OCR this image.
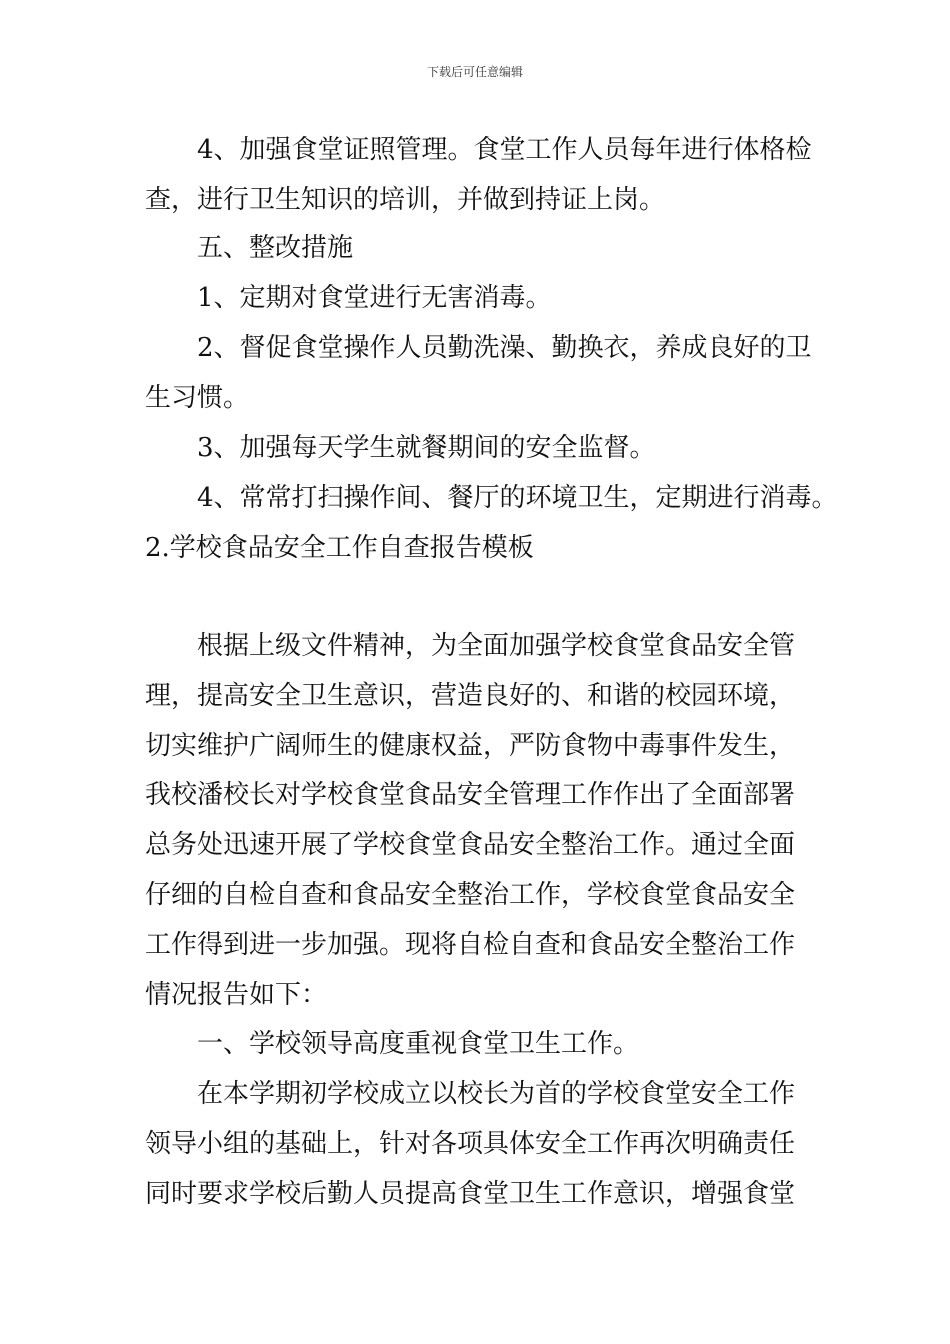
下载后可任意编辑
　　4、加强食堂证照管理。食堂工作人员每年进行体格检
查，进行卫生知识的培训，并做到持证上岗。
　　五、整改措施
　　1、定期对食堂进行无害消毒。
　　2、督促食堂操作人员勤洗澡、勤换衣，养成良好的卫
生习惯。
　　3、加强每天学生就餐期间的安全监督。
　　4、常常打扫操作间、餐厅的环境卫生，定期进行消毒。
2.学校食品安全工作自查报告模板
　　根据上级文件精神，为全面加强学校食堂食品安全管
理，提高安全卫生意识，营造良好的、和谐的校园环境，
切实维护广阔师生的健康权益，严防食物中毒事件发生，
我校潘校长对学校食堂食品安全管理工作作出了全面部署
总务处迅速开展了学校食堂食品安全整治工作。通过全面
仔细的自检自查和食品安全整治工作，学校食堂食品安全
工作得到进一步加强。现将自检自查和食品安全整治工作
情况报告如下：
　　一、学校领导高度重视食堂卫生工作。
　　在本学期初学校成立以校长为首的学校食堂安全工作
领导小组的基础上，针对各项具体安全工作再次明确责任
同时要求学校后勤人员提高食堂卫生工作意识，增强食堂
